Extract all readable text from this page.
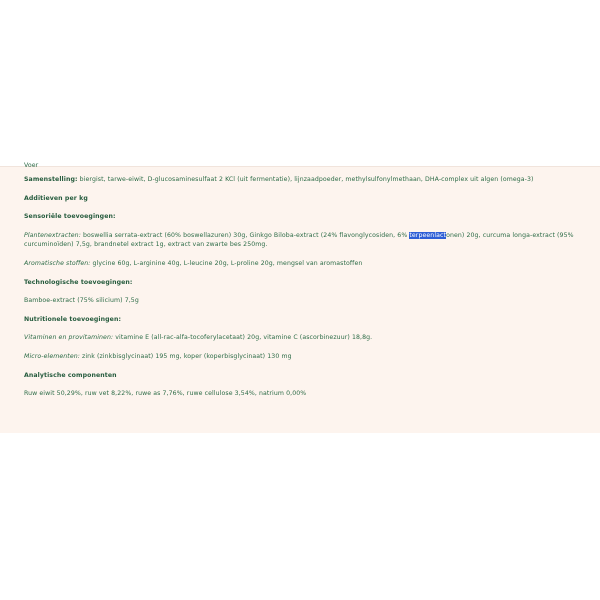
Voer

Samenstelling: biergist, tarwe-eiwit, D-glucosaminesulfaat 2 KCl (uit fermentatie), lijnzaadpoeder, methylsulfonylmethaan, DHA-complex uit algen (omega-3)

Additieven per kg

Sensoriële toevoegingen:

Plantenextracten: boswellia serrata-extract (60% boswellazuren) 30g, Ginkgo Biloba-extract (24% flavonglycosiden, 6% terpeenlactonen) 20g, curcuma longa-extract (95% curcuminoïden) 7,5g, brandnetel extract 1g, extract van zwarte bes 250mg.

Aromatische stoffen: glycine 60g, L-arginine 40g, L-leucine 20g, L-proline 20g, mengsel van aromastoffen

Technologische toevoegingen:

Bamboe-extract (75% silicium) 7,5g

Nutritionele toevoegingen:

Vitaminen en provitaminen: vitamine E (all-rac-alfa-tocoferylacetaat) 20g, vitamine C (ascorbinezuur) 18,8g.

Micro-elementen: zink (zinkbisglycinaat) 195 mg, koper (koperbisglycinaat) 130 mg

Analytische componenten

Ruw eiwit 50,29%, ruw vet 8,22%, ruwe as 7,76%, ruwe cellulose 3,54%, natrium 0,00%
